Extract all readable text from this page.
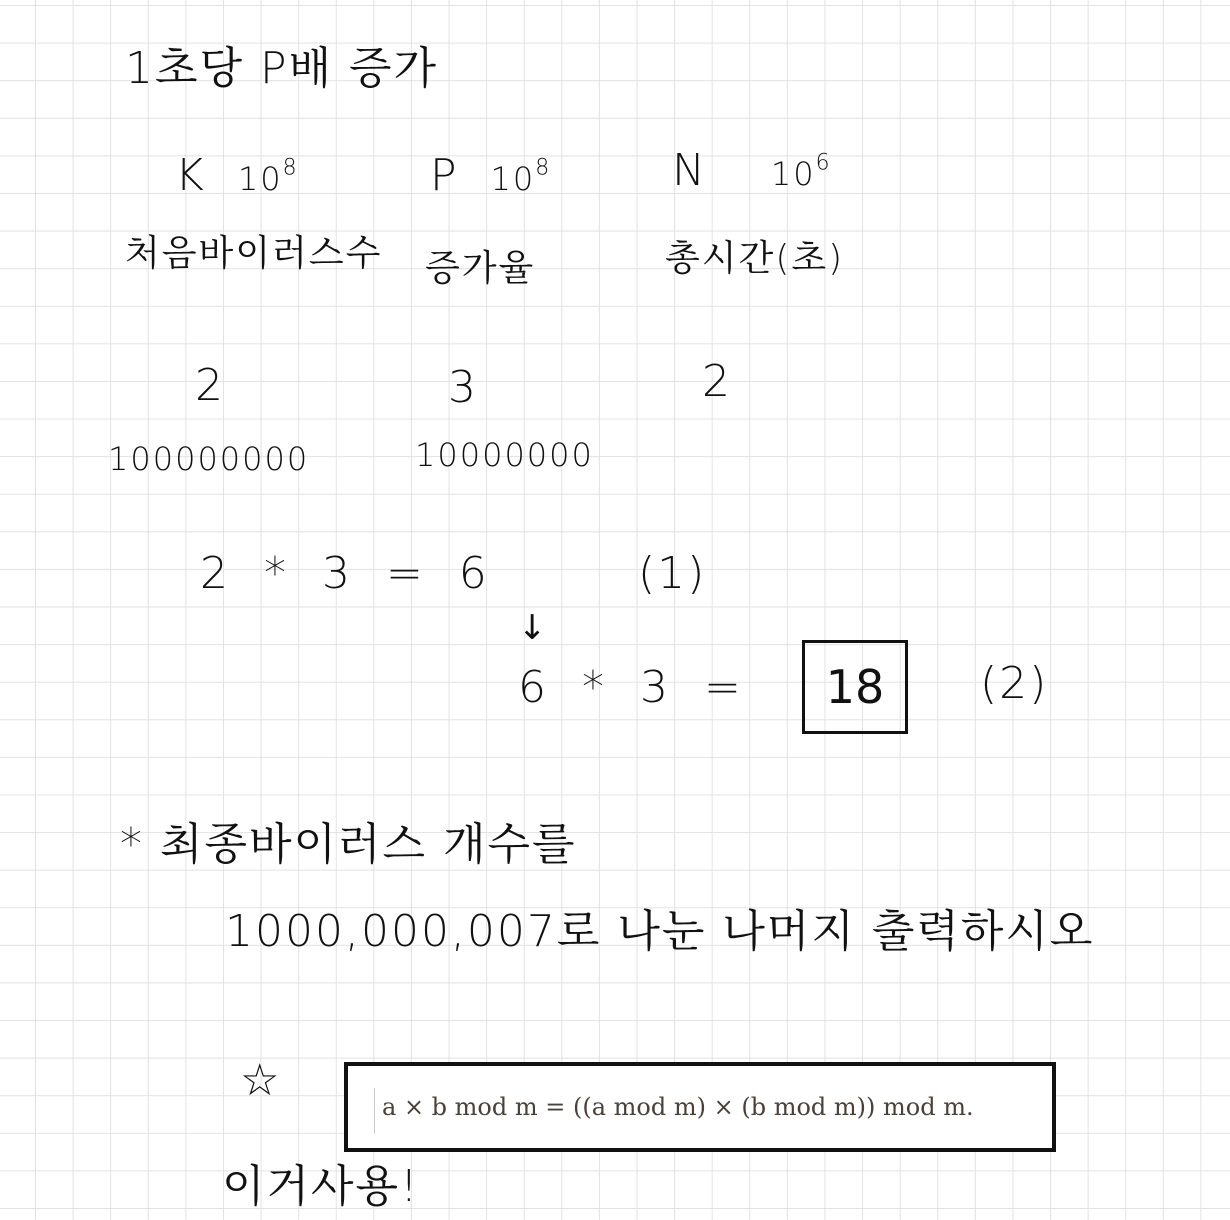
1초당 P배 증가
K $10^8$	P $10^8$	N $10^6$
처음바이러스수 증가율	총시간(초)
2	3	2
100000000	10000000
2 * 3 = 6	(1)
↓
6 * 3 =	18	(2)
* 최종바이러스 개수를
1000,000,007로 나눈 나머지 출력하시오
☆
a × b mod m = ((a mod m) × (b mod m)) mod m.
이거사용!
